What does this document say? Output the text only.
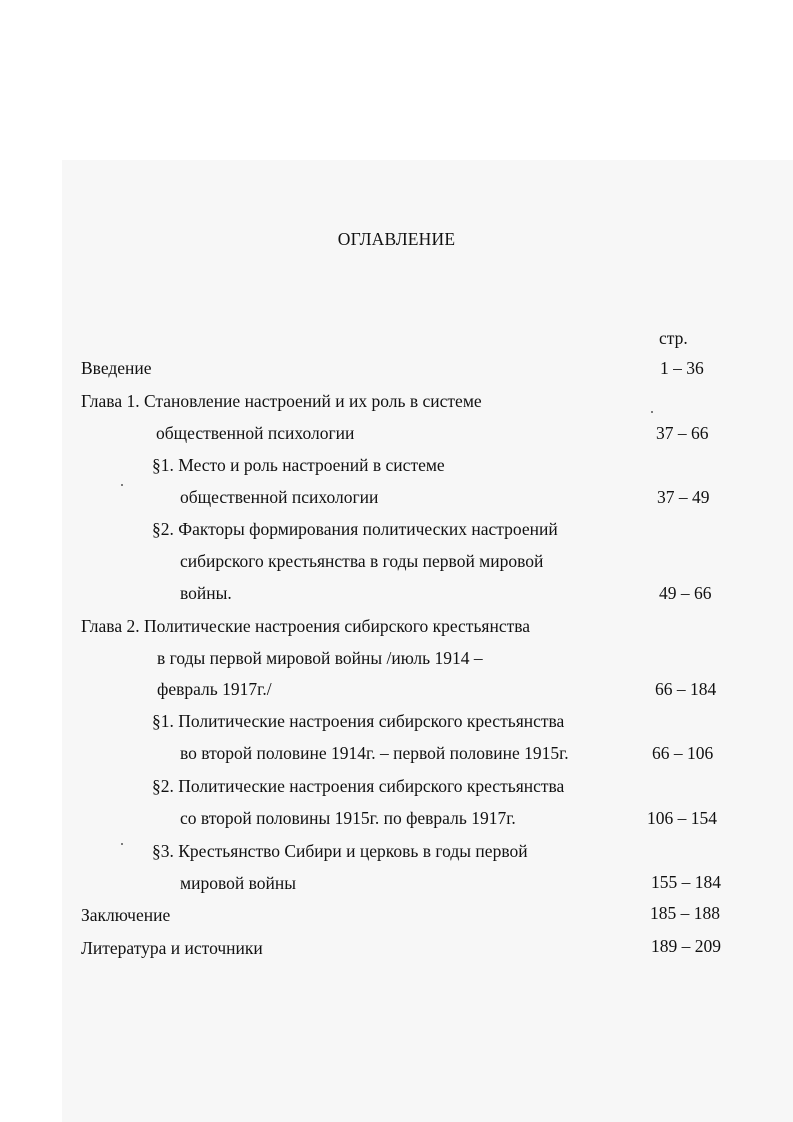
ОГЛАВЛЕНИЕ
стр.
Введение	1 – 36
Глава 1. Становление настроений и их роль в системе
общественной психологии	37 – 66
§1. Место и роль настроений в системе
общественной психологии	37 – 49
§2. Факторы формирования политических настроений
сибирского крестьянства в годы первой мировой
войны.	49 – 66
Глава 2. Политические настроения сибирского крестьянства
в годы первой мировой войны /июль 1914 –
февраль 1917г./	66 – 184
§1. Политические настроения сибирского крестьянства
во второй половине 1914г. – первой половине 1915г.	66 – 106
§2. Политические настроения сибирского крестьянства
со второй половины 1915г. по февраль 1917г.	106 – 154
§3. Крестьянство Сибири и церковь в годы первой
мировой войны	155 – 184
Заключение	185 – 188
Литература и источники	189 – 209
